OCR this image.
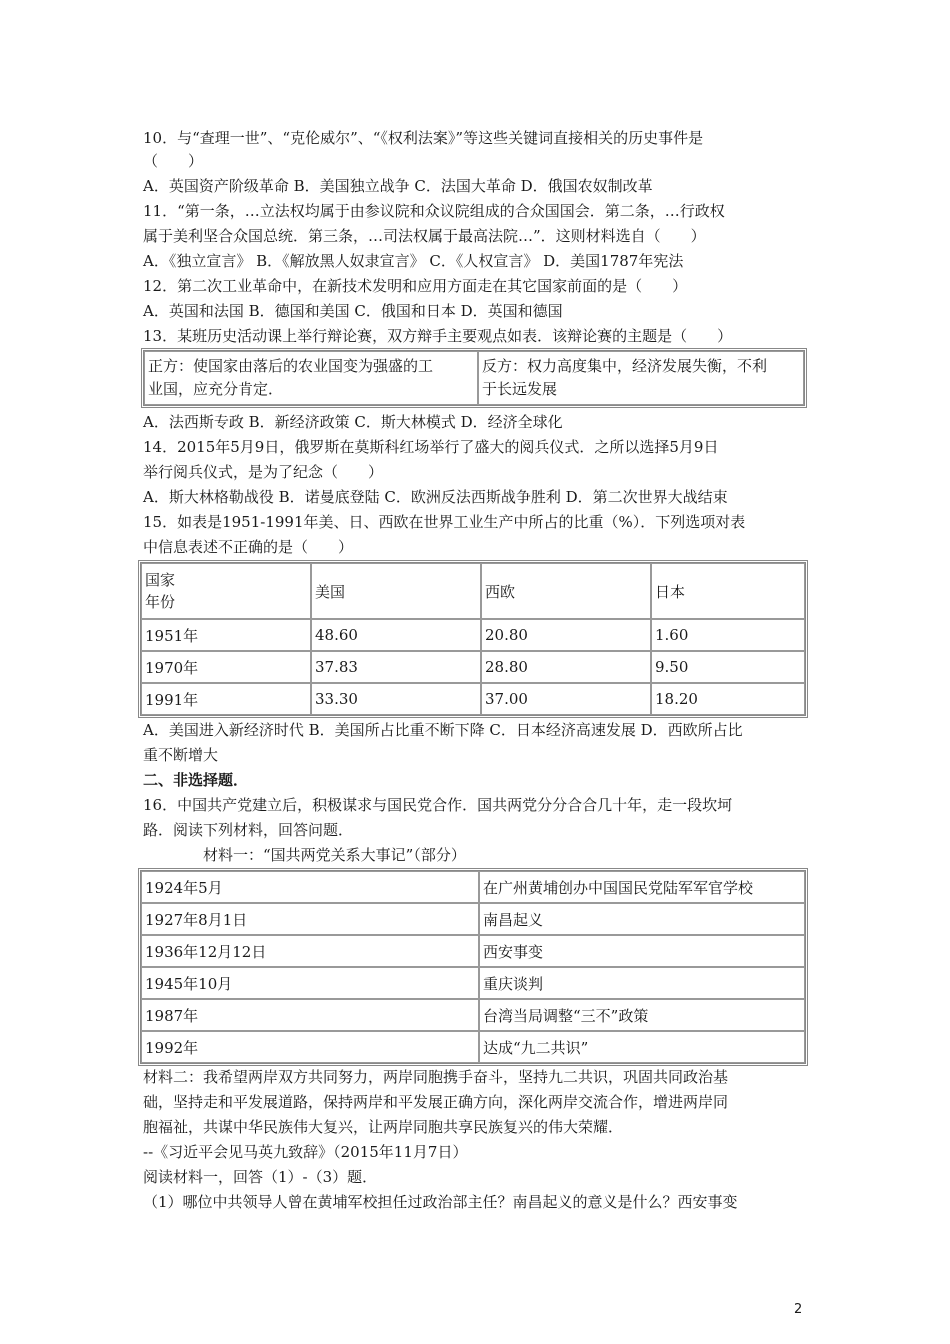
10．与“查理一世”、“克伦威尔”、“《权利法案》”等这些关键词直接相关的历史事件是
（　　）
A．英国资产阶级革命 B．美国独立战争 C．法国大革命 D．俄国农奴制改革
11．“第一条，…立法权均属于由参议院和众议院组成的合众国国会．第二条，…行政权
属于美利坚合众国总统．第三条，…司法权属于最高法院…”．这则材料选自（　　）
A．《独立宣言》 B．《解放黑人奴隶宣言》 C．《人权宣言》 D．美国1787年宪法
12．第二次工业革命中，在新技术发明和应用方面走在其它国家前面的是（　　）
A．英国和法国 B．德国和美国 C．俄国和日本 D．英国和德国
13．某班历史活动课上举行辩论赛，双方辩手主要观点如表．该辩论赛的主题是（　　）
正方：使国家由落后的农业国变为强盛的工
业国，应充分肯定．	反方：权力高度集中，经济发展失衡，不利
于长远发展
A．法西斯专政 B．新经济政策 C．斯大林模式 D．经济全球化
14．2015年5月9日，俄罗斯在莫斯科红场举行了盛大的阅兵仪式．之所以选择5月9日
举行阅兵仪式，是为了纪念（　　）
A．斯大林格勒战役 B．诺曼底登陆 C．欧洲反法西斯战争胜利 D．第二次世界大战结束
15．如表是1951-1991年美、日、西欧在世界工业生产中所占的比重（%）．下列选项对表
中信息表述不正确的是（　　）
国家
年份	美国	西欧	日本
1951年	48.60	20.80	1.60
1970年	37.83	28.80	9.50
1991年	33.30	37.00	18.20
A．美国进入新经济时代 B．美国所占比重不断下降 C．日本经济高速发展 D．西欧所占比
重不断增大
二、非选择题．
16．中国共产党建立后，积极谋求与国民党合作．国共两党分分合合几十年，走一段坎坷
路．阅读下列材料，回答问题．
材料一：“国共两党关系大事记”（部分）
1924年5月	在广州黄埔创办中国国民党陆军军官学校
1927年8月1日	南昌起义
1936年12月12日	西安事变
1945年10月	重庆谈判
1987年	台湾当局调整“三不”政策
1992年	达成“九二共识”
材料二：我希望两岸双方共同努力，两岸同胞携手奋斗，坚持九二共识，巩固共同政治基
础，坚持走和平发展道路，保持两岸和平发展正确方向，深化两岸交流合作，增进两岸同
胞福祉，共谋中华民族伟大复兴，让两岸同胞共享民族复兴的伟大荣耀．
--《习近平会见马英九致辞》（2015年11月7日）
阅读材料一，回答（1）-（3）题．
（1）哪位中共领导人曾在黄埔军校担任过政治部主任？南昌起义的意义是什么？西安事变
2
